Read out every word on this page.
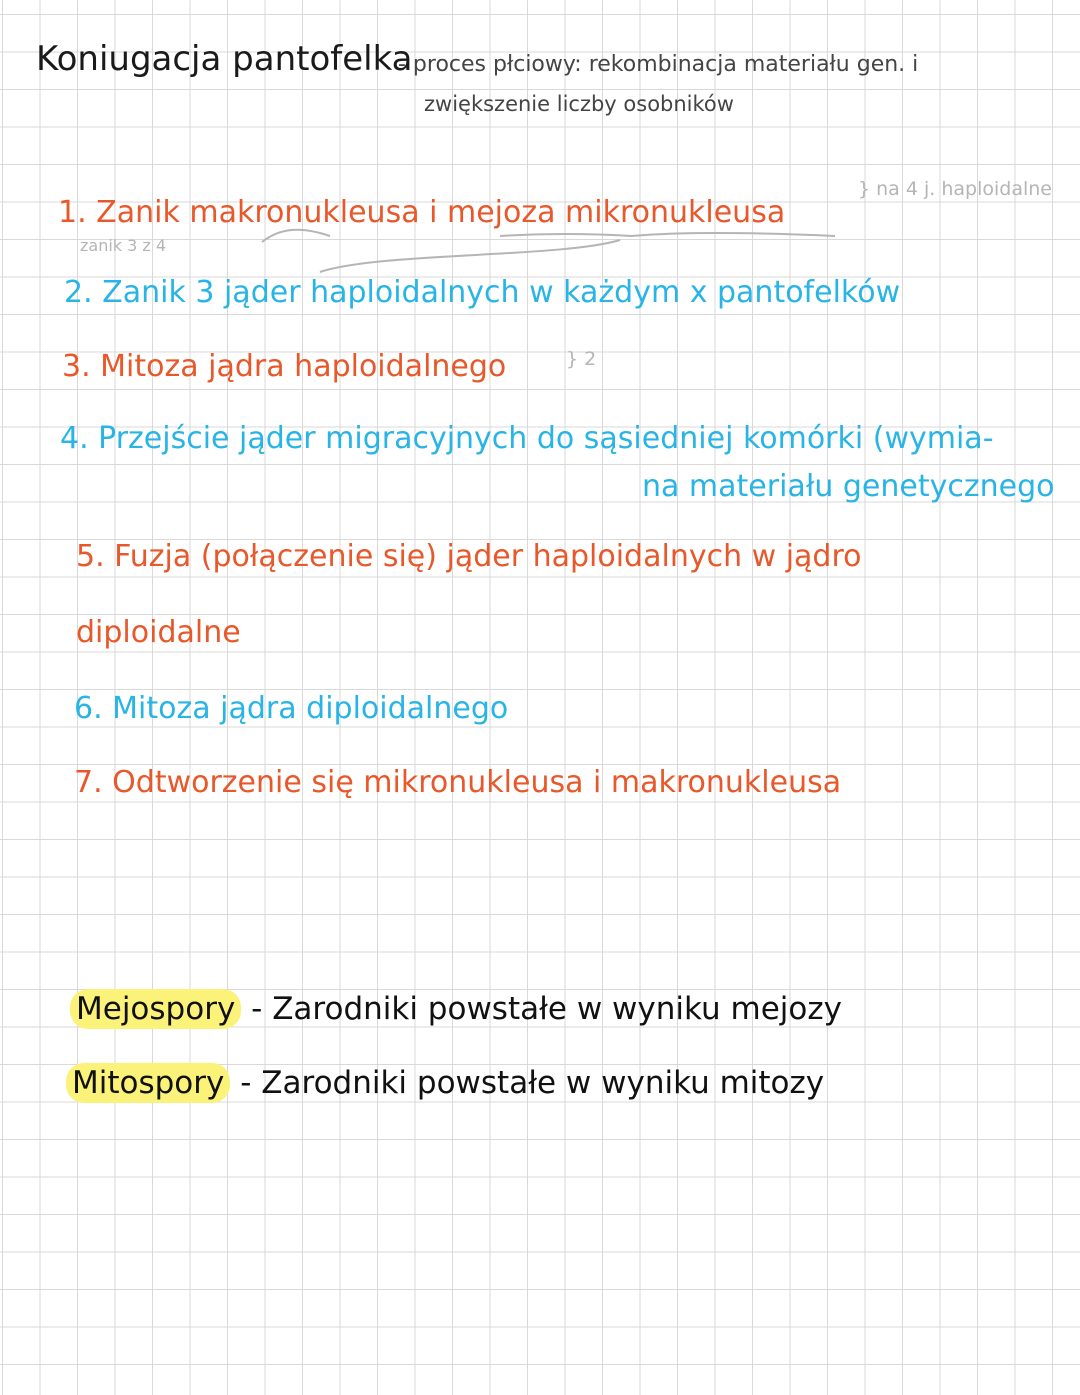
Koniugacja pantofelka
- proces płciowy: rekombinacja materiału gen. i
zwiększenie liczby osobników
1. Zanik makronukleusa i mejoza mikronukleusa
} na 4 j. haploidalne
zanik 3 z 4
2. Zanik 3 jąder haploidalnych w każdym x pantofelków
3. Mitoza jądra haploidalnego	} 2
4. Przejście jąder migracyjnych do sąsiedniej komórki (wymia-
na materiału genetycznego
5. Fuzja (połączenie się) jąder haploidalnych w jądro
diploidalne
6. Mitoza jądra diploidalnego
7. Odtworzenie się mikronukleusa i makronukleusa
Mejospory - Zarodniki powstałe w wyniku mejozy
Mitospory - Zarodniki powstałe w wyniku mitozy
